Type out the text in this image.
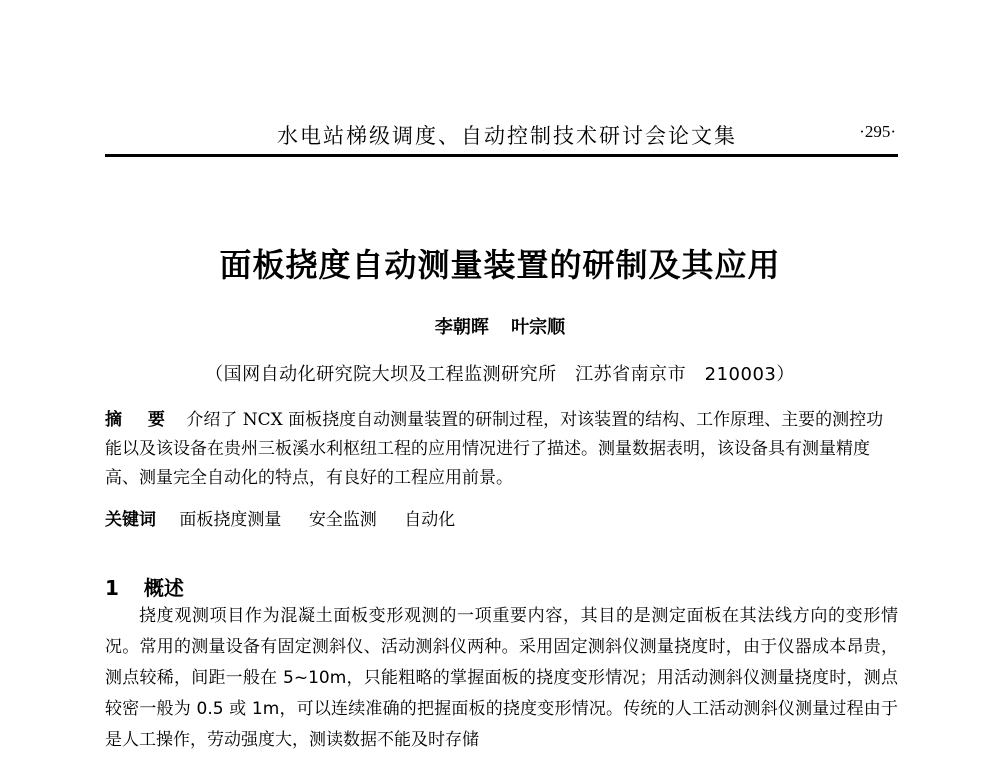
水电站梯级调度、自动控制技术研讨会论文集	·295·
面板挠度自动测量装置的研制及其应用
李朝晖 叶宗顺
（国网自动化研究院大坝及工程监测研究所　江苏省南京市　210003）
摘 要 介绍了 NCX 面板挠度自动测量装置的研制过程，对该装置的结构、工作原理、主要的测控功能以及该设备在贵州三板溪水利枢纽工程的应用情况进行了描述。测量数据表明，该设备具有测量精度高、测量完全自动化的特点，有良好的工程应用前景。
关键词 面板挠度测量 安全监测 自动化
1 概述
挠度观测项目作为混凝土面板变形观测的一项重要内容，其目的是测定面板在其法线方向的变形情况。常用的测量设备有固定测斜仪、活动测斜仪两种。采用固定测斜仪测量挠度时，由于仪器成本昂贵，测点较稀，间距一般在 5~10m，只能粗略的掌握面板的挠度变形情况；用活动测斜仪测量挠度时，测点较密一般为 0.5 或 1m，可以连续准确的把握面板的挠度变形情况。传统的人工活动测斜仪测量过程由于是人工操作，劳动强度大，测读数据不能及时存储
